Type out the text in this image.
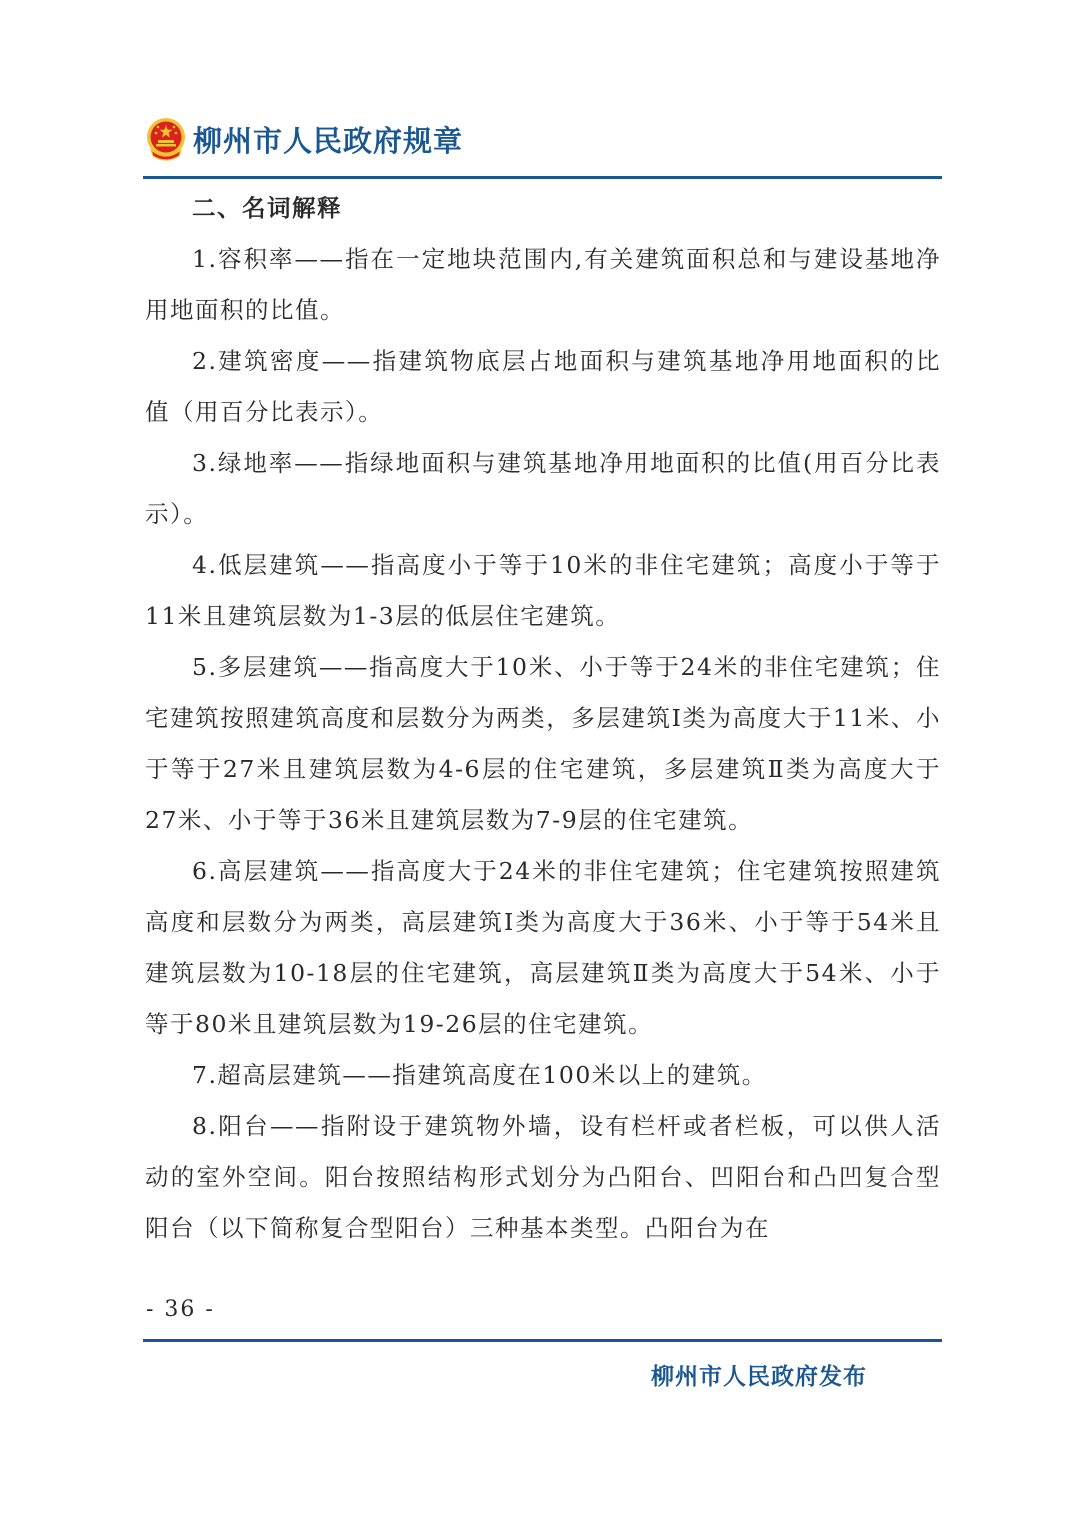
柳州市人民政府规章

二、名词解释

1.容积率——指在一定地块范围内,有关建筑面积总和与建设基地净用地面积的比值。

2.建筑密度——指建筑物底层占地面积与建筑基地净用地面积的比值（用百分比表示）。

3.绿地率——指绿地面积与建筑基地净用地面积的比值(用百分比表示）。

4.低层建筑——指高度小于等于10米的非住宅建筑；高度小于等于11米且建筑层数为1-3层的低层住宅建筑。

5.多层建筑——指高度大于10米、小于等于24米的非住宅建筑；住宅建筑按照建筑高度和层数分为两类，多层建筑Ⅰ类为高度大于11米、小于等于27米且建筑层数为4-6层的住宅建筑，多层建筑Ⅱ类为高度大于27米、小于等于36米且建筑层数为7-9层的住宅建筑。

6.高层建筑——指高度大于24米的非住宅建筑；住宅建筑按照建筑高度和层数分为两类，高层建筑Ⅰ类为高度大于36米、小于等于54米且建筑层数为10-18层的住宅建筑，高层建筑Ⅱ类为高度大于54米、小于等于80米且建筑层数为19-26层的住宅建筑。

7.超高层建筑——指建筑高度在100米以上的建筑。

8.阳台——指附设于建筑物外墙，设有栏杆或者栏板，可以供人活动的室外空间。阳台按照结构形式划分为凸阳台、凹阳台和凸凹复合型阳台（以下简称复合型阳台）三种基本类型。凸阳台为在

- 36 -
柳州市人民政府发布
